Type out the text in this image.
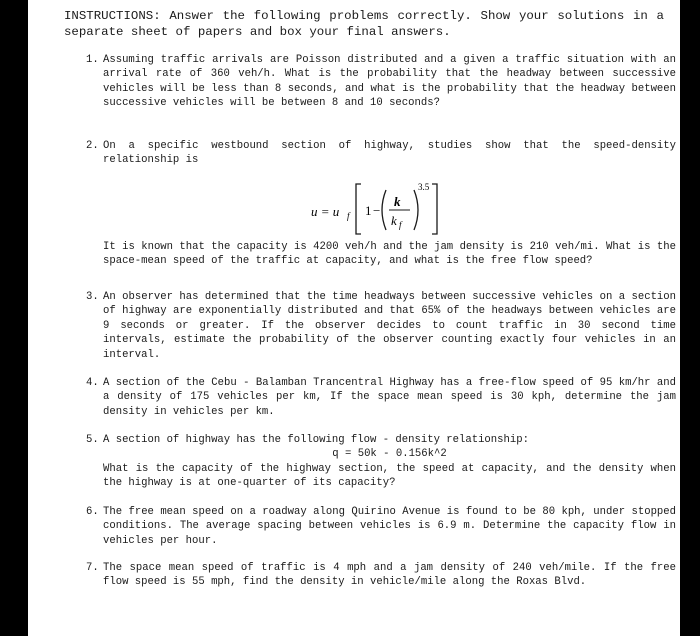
INSTRUCTIONS: Answer the following problems correctly. Show your solutions in a separate sheet of papers and box your final answers.
1. Assuming traffic arrivals are Poisson distributed and a given a traffic situation with an arrival rate of 360 veh/h. What is the probability that the headway between successive vehicles will be less than 8 seconds, and what is the probability that the headway between successive vehicles will be between 8 and 10 seconds?

2. On a specific westbound section of highway, studies show that the speed-density relationship is

u = u f 1 −
k
k f
3.5

It is known that the capacity is 4200 veh/h and the jam density is 210 veh/mi. What is the space-mean speed of the traffic at capacity, and what is the free flow speed?

3. An observer has determined that the time headways between successive vehicles on a section of highway are exponentially distributed and that 65% of the headways between vehicles are 9 seconds or greater. If the observer decides to count traffic in 30 second time intervals, estimate the probability of the observer counting exactly four vehicles in an interval.

4. A section of the Cebu - Balamban Trancentral Highway has a free-flow speed of 95 km/hr and a density of 175 vehicles per km, If the space mean speed is 30 kph, determine the jam density in vehicles per km.

5. A section of highway has the following flow - density relationship:

q = 50k - 0.156k^2

What is the capacity of the highway section, the speed at capacity, and the density when the highway is at one-quarter of its capacity?

6. The free mean speed on a roadway along Quirino Avenue is found to be 80 kph, under stopped conditions. The average spacing between vehicles is 6.9 m. Determine the capacity flow in vehicles per hour.

7. The space mean speed of traffic is 4 mph and a jam density of 240 veh/mile. If the free flow speed is 55 mph, find the density in vehicle/mile along the Roxas Blvd.
